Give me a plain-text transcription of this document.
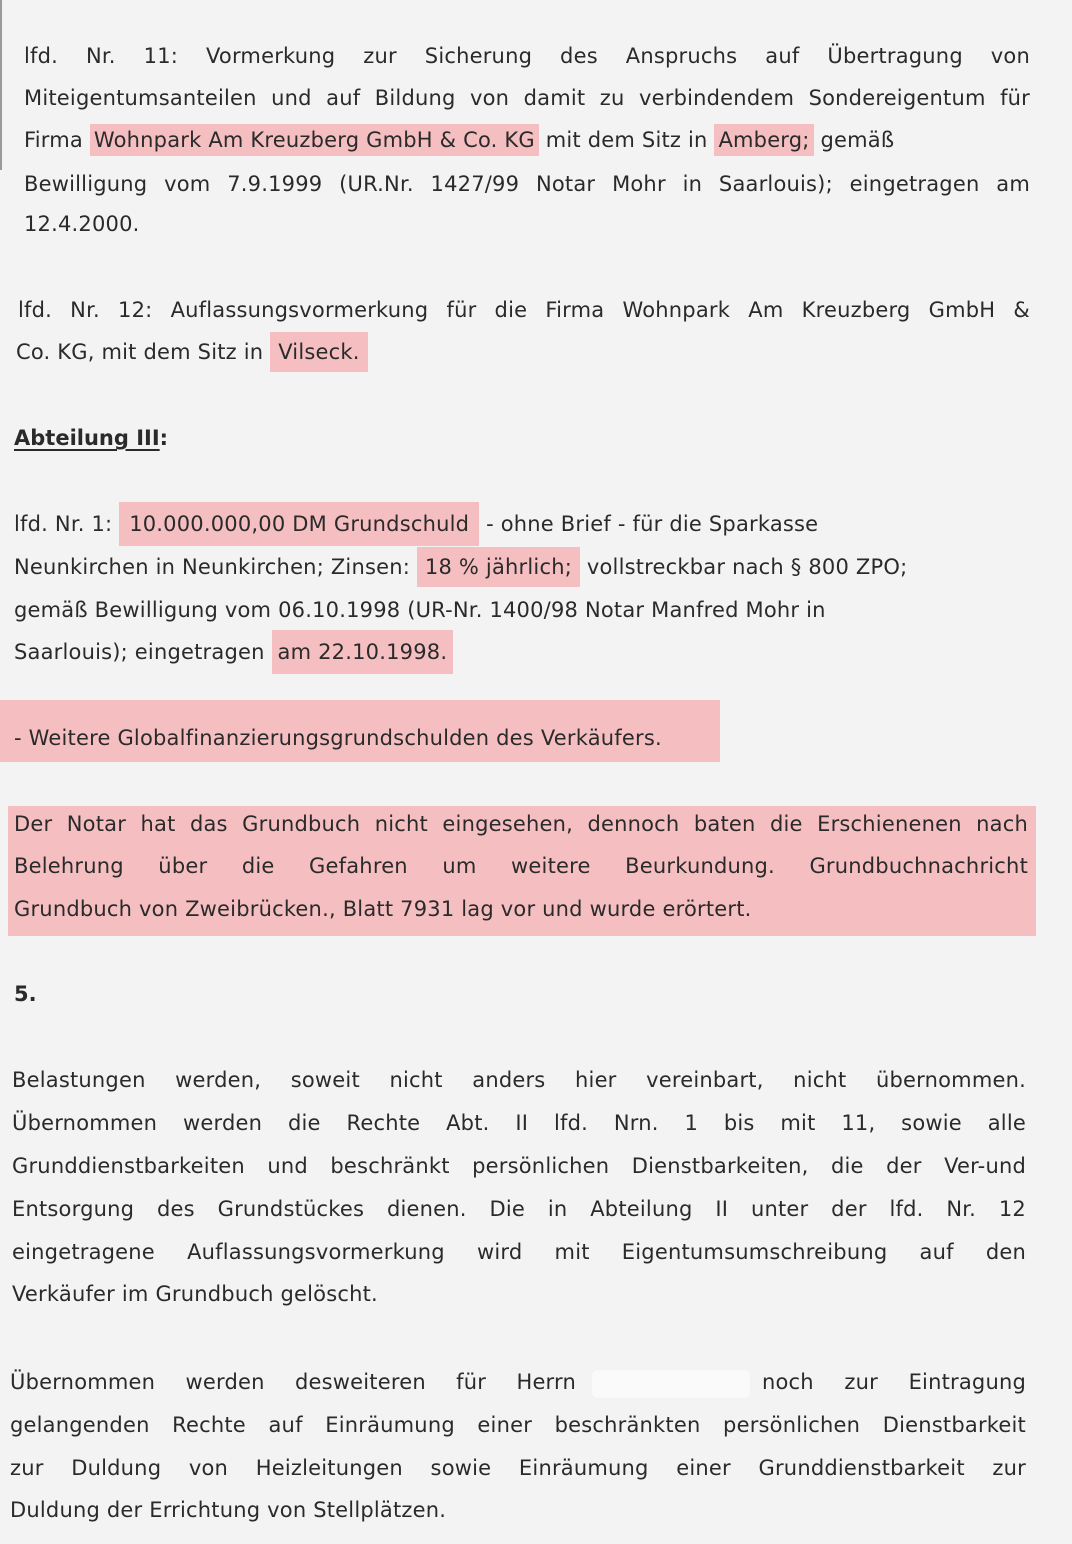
lfd. Nr. 11: Vormerkung zur Sicherung des Anspruchs auf Übertragung von
Miteigentumsanteilen und auf Bildung von damit zu verbindendem Sondereigentum für
Firma Wohnpark Am Kreuzberg GmbH & Co. KG mit dem Sitz in Amberg; gemäß
Bewilligung vom 7.9.1999 (UR.Nr. 1427/99 Notar Mohr in Saarlouis); eingetragen am
12.4.2000.
lfd. Nr. 12: Auflassungsvormerkung für die Firma Wohnpark Am Kreuzberg GmbH &
Co. KG, mit dem Sitz in Vilseck.
Abteilung III:
lfd. Nr. 1: 10.000.000,00 DM Grundschuld - ohne Brief - für die Sparkasse
Neunkirchen in Neunkirchen; Zinsen: 18 % jährlich; vollstreckbar nach § 800 ZPO;
gemäß Bewilligung vom 06.10.1998 (UR-Nr. 1400/98 Notar Manfred Mohr in
Saarlouis); eingetragen am 22.10.1998.
- Weitere Globalfinanzierungsgrundschulden des Verkäufers.
Der Notar hat das Grundbuch nicht eingesehen, dennoch baten die Erschienenen nach
Belehrung über die Gefahren um weitere Beurkundung. Grundbuchnachricht
Grundbuch von Zweibrücken., Blatt 7931 lag vor und wurde erörtert.
5.
Belastungen werden, soweit nicht anders hier vereinbart, nicht übernommen.
Übernommen werden die Rechte Abt. II lfd. Nrn. 1 bis mit 11, sowie alle
Grunddienstbarkeiten und beschränkt persönlichen Dienstbarkeiten, die der Ver-und
Entsorgung des Grundstückes dienen. Die in Abteilung II unter der lfd. Nr. 12
eingetragene Auflassungsvormerkung wird mit Eigentumsumschreibung auf den
Verkäufer im Grundbuch gelöscht.
Übernommen werden desweiteren für Herrn	noch zur Eintragung
gelangenden Rechte auf Einräumung einer beschränkten persönlichen Dienstbarkeit
zur Duldung von Heizleitungen sowie Einräumung einer Grunddienstbarkeit zur
Duldung der Errichtung von Stellplätzen.
